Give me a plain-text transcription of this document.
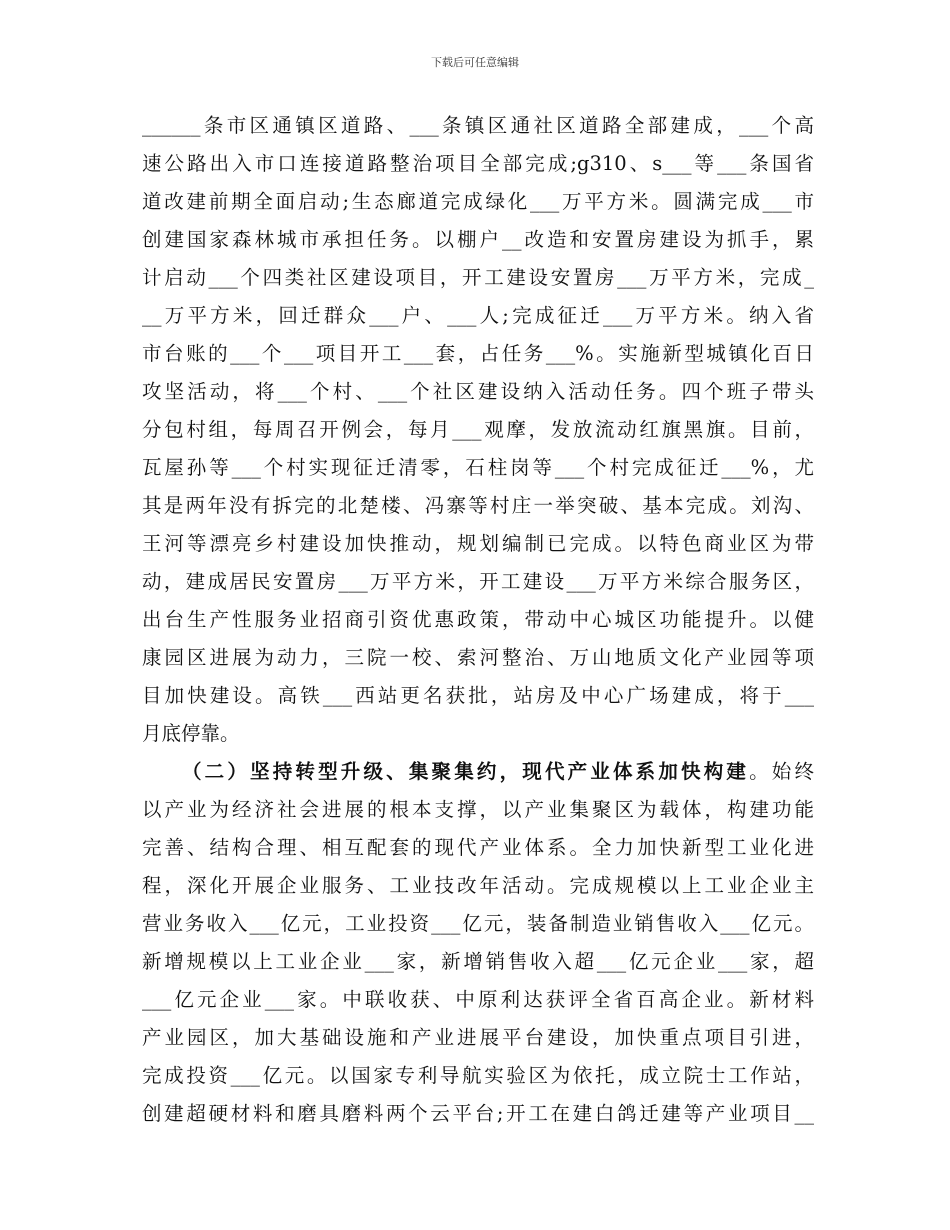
下载后可任意编辑
______条市区通镇区道路、___条镇区通社区道路全部建成，___个高
速公路出入市口连接道路整治项目全部完成;g310、s___等___条国省
道改建前期全面启动;生态廊道完成绿化___万平方米。圆满完成___市
创建国家森林城市承担任务。以棚户__改造和安置房建设为抓手，累
计启动___个四类社区建设项目，开工建设安置房___万平方米，完成_
__万平方米，回迁群众___户、___人;完成征迁___万平方米。纳入省
市台账的___个___项目开工___套，占任务___%。实施新型城镇化百日
攻坚活动，将___个村、___个社区建设纳入活动任务。四个班子带头
分包村组，每周召开例会，每月___观摩，发放流动红旗黑旗。目前，
瓦屋孙等___个村实现征迁清零，石柱岗等___个村完成征迁___%，尤
其是两年没有拆完的北楚楼、冯寨等村庄一举突破、基本完成。刘沟、
王河等漂亮乡村建设加快推动，规划编制已完成。以特色商业区为带
动，建成居民安置房___万平方米，开工建设___万平方米综合服务区，
出台生产性服务业招商引资优惠政策，带动中心城区功能提升。以健
康园区进展为动力，三院一校、索河整治、万山地质文化产业园等项
目加快建设。高铁___西站更名获批，站房及中心广场建成，将于___
月底停靠。
（二）坚持转型升级、集聚集约，现代产业体系加快构建。始终
以产业为经济社会进展的根本支撑，以产业集聚区为载体，构建功能
完善、结构合理、相互配套的现代产业体系。全力加快新型工业化进
程，深化开展企业服务、工业技改年活动。完成规模以上工业企业主
营业务收入___亿元，工业投资___亿元，装备制造业销售收入___亿元。
新增规模以上工业企业___家，新增销售收入超___亿元企业___家，超
___亿元企业___家。中联收获、中原利达获评全省百高企业。新材料
产业园区，加大基础设施和产业进展平台建设，加快重点项目引进，
完成投资___亿元。以国家专利导航实验区为依托，成立院士工作站，
创建超硬材料和磨具磨料两个云平台;开工在建白鸽迁建等产业项目__
